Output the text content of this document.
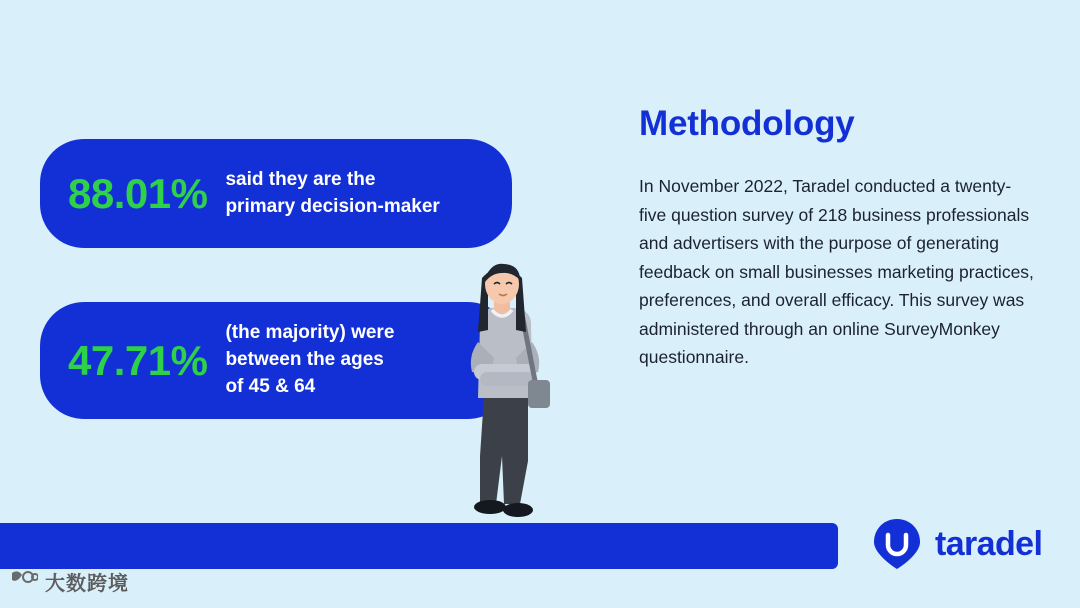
88.01% said they are the
primary decision-maker
47.71%
(the majority) were
between the ages
of 45 & 64
Methodology
In November 2022, Taradel conducted a twenty-five question survey of 218 business professionals and advertisers with the purpose of generating feedback on small businesses marketing practices, preferences, and overall efficacy. This survey was administered through an online SurveyMonkey questionnaire.
taradel
大数跨境
